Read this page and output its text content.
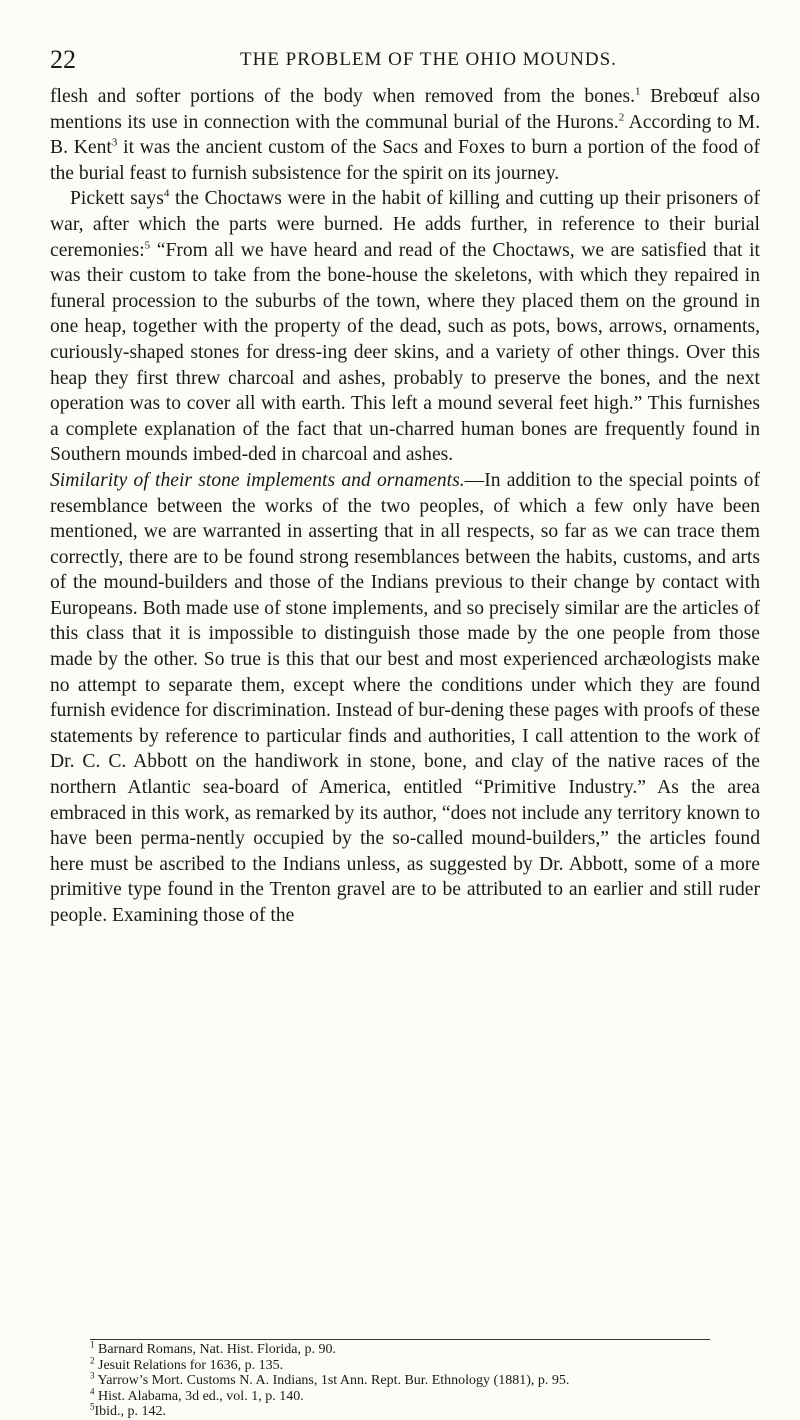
22	THE PROBLEM OF THE OHIO MOUNDS.

flesh and softer portions of the body when removed from the bones.$^1$ Brebœuf also mentions its use in connection with the communal burial of the Hurons.$^2$ According to M. B. Kent$^3$ it was the ancient custom of the Sacs and Foxes to burn a portion of the food of the burial feast to furnish subsistence for the spirit on its journey.

Pickett says$^4$ the Choctaws were in the habit of killing and cutting up their prisoners of war, after which the parts were burned. He adds further, in reference to their burial ceremonies:$^5$ “From all we have heard and read of the Choctaws, we are satisfied that it was their custom to take from the bone-house the skeletons, with which they repaired in funeral procession to the suburbs of the town, where they placed them on the ground in one heap, together with the property of the dead, such as pots, bows, arrows, ornaments, curiously-shaped stones for dress-ing deer skins, and a variety of other things. Over this heap they first threw charcoal and ashes, probably to preserve the bones, and the next operation was to cover all with earth. This left a mound several feet high.” This furnishes a complete explanation of the fact that un-charred human bones are frequently found in Southern mounds imbed-ded in charcoal and ashes.

Similarity of their stone implements and ornaments.—In addition to the special points of resemblance between the works of the two peoples, of which a few only have been mentioned, we are warranted in asserting that in all respects, so far as we can trace them correctly, there are to be found strong resemblances between the habits, customs, and arts of the mound-builders and those of the Indians previous to their change by contact with Europeans. Both made use of stone implements, and so precisely similar are the articles of this class that it is impossible to distinguish those made by the one people from those made by the other. So true is this that our best and most experienced archæologists make no attempt to separate them, except where the conditions under which they are found furnish evidence for discrimination. Instead of bur-dening these pages with proofs of these statements by reference to particular finds and authorities, I call attention to the work of Dr. C. C. Abbott on the handiwork in stone, bone, and clay of the native races of the northern Atlantic sea-board of America, entitled “Primitive Industry.” As the area embraced in this work, as remarked by its author, “does not include any territory known to have been perma-nently occupied by the so-called mound-builders,” the articles found here must be ascribed to the Indians unless, as suggested by Dr. Abbott, some of a more primitive type found in the Trenton gravel are to be attributed to an earlier and still ruder people. Examining those of the

$^1$ Barnard Romans, Nat. Hist. Florida, p. 90.
$^2$ Jesuit Relations for 1636, p. 135.
$^3$ Yarrow’s Mort. Customs N. A. Indians, 1st Ann. Rept. Bur. Ethnology (1881), p. 95.
$^4$ Hist. Alabama, 3d ed., vol. 1, p. 140.
$^5$Ibid., p. 142.
